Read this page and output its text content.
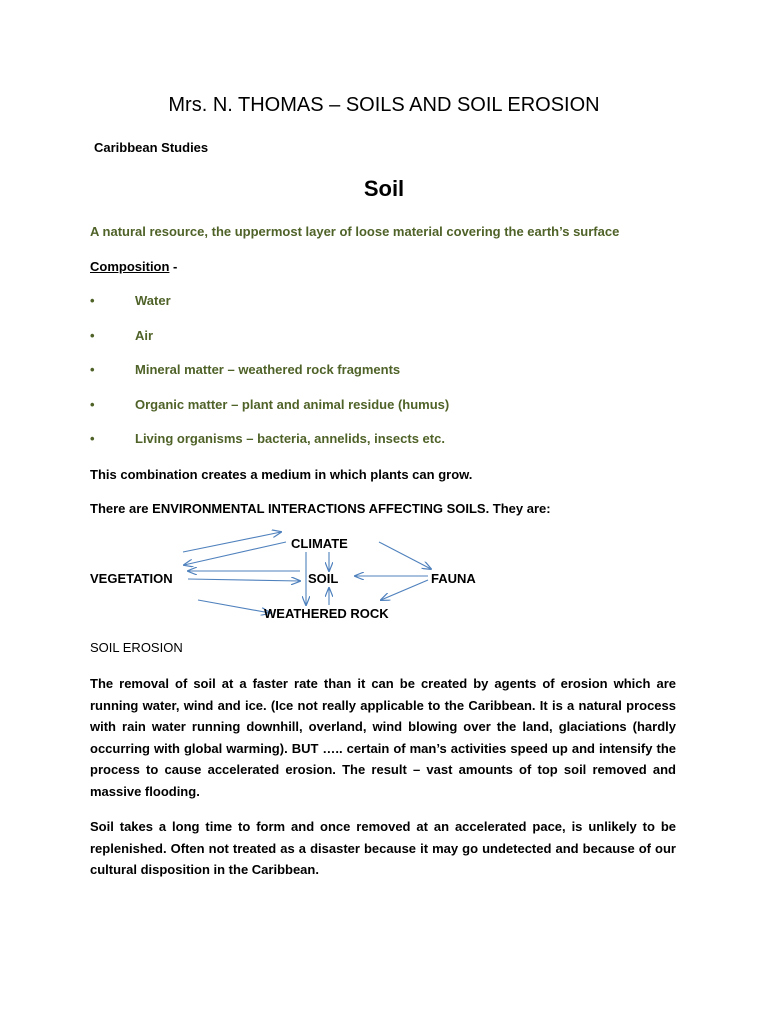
Mrs. N. THOMAS – SOILS AND SOIL EROSION
Caribbean Studies
Soil
A natural resource, the uppermost layer of loose material covering the earth’s surface
Composition -
•	Water
•	Air
•	Mineral matter – weathered rock fragments
•	Organic matter – plant and animal residue (humus)
•	Living organisms – bacteria, annelids, insects etc.
This combination creates a medium in which plants can grow.
There are ENVIRONMENTAL INTERACTIONS AFFECTING SOILS. They are:
CLIMATE
VEGETATION	SOIL	FAUNA
WEATHERED ROCK
SOIL EROSION
The removal of soil at a faster rate than it can be created by agents of erosion which are running water, wind and ice. (Ice not really applicable to the Caribbean. It is a natural process with rain water running downhill, overland, wind blowing over the land, glaciations (hardly occurring with global warming). BUT ….. certain of man’s activities speed up and intensify the process to cause accelerated erosion. The result – vast amounts of top soil removed and massive flooding.
Soil takes a long time to form and once removed at an accelerated pace, is unlikely to be replenished. Often not treated as a disaster because it may go undetected and because of our cultural disposition in the Caribbean.
